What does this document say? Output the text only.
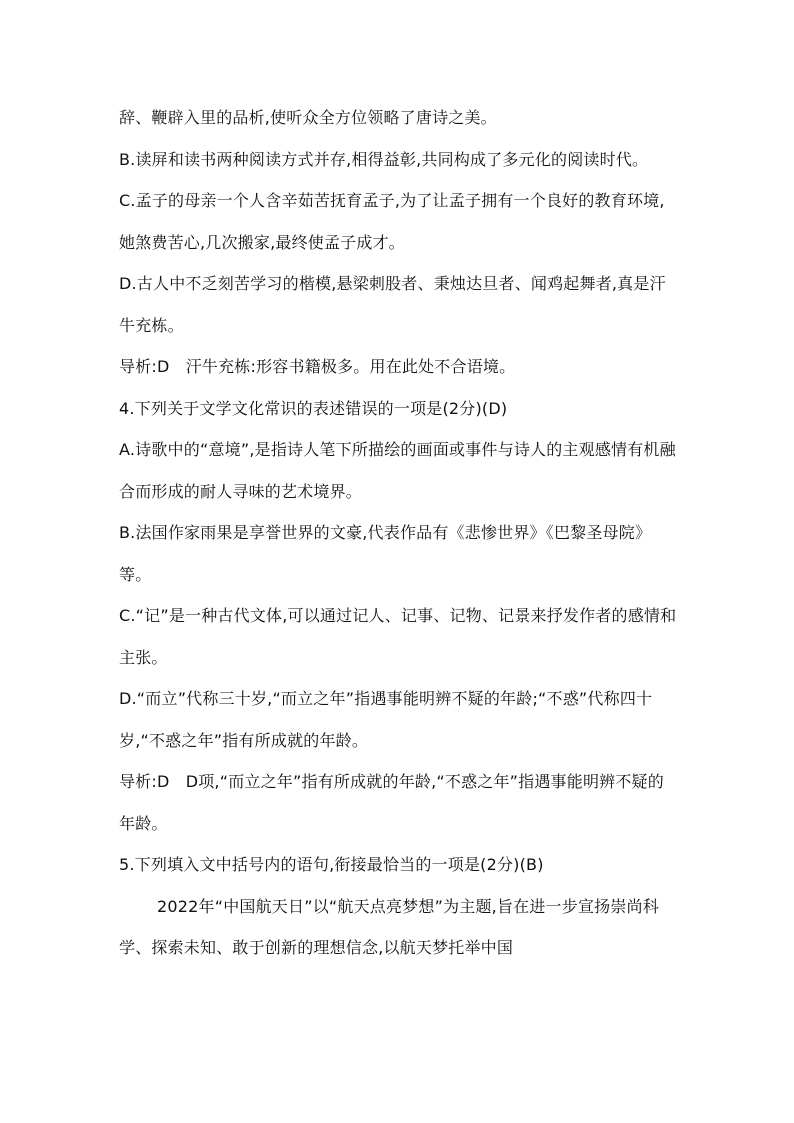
辞、鞭辟入里的品析,使听众全方位领略了唐诗之美。

B.读屏和读书两种阅读方式并存,相得益彰,共同构成了多元化的阅读时代。

C.孟子的母亲一个人含辛茹苦抚育孟子,为了让孟子拥有一个良好的教育环境,她煞费苦心,几次搬家,最终使孟子成才。

D.古人中不乏刻苦学习的楷模,悬梁刺股者、秉烛达旦者、闻鸡起舞者,真是汗牛充栋。

导析:D　汗牛充栋:形容书籍极多。用在此处不合语境。

4.下列关于文学文化常识的表述错误的一项是(2分)(D)

A.诗歌中的“意境”,是指诗人笔下所描绘的画面或事件与诗人的主观感情有机融合而形成的耐人寻味的艺术境界。

B.法国作家雨果是享誉世界的文豪,代表作品有《悲惨世界》《巴黎圣母院》等。

C.“记”是一种古代文体,可以通过记人、记事、记物、记景来抒发作者的感情和主张。

D.“而立”代称三十岁,“而立之年”指遇事能明辨不疑的年龄;“不惑”代称四十岁,“不惑之年”指有所成就的年龄。

导析:D　D项,“而立之年”指有所成就的年龄,“不惑之年”指遇事能明辨不疑的年龄。

5.下列填入文中括号内的语句,衔接最恰当的一项是(2分)(B)

2022年“中国航天日”以“航天点亮梦想”为主题,旨在进一步宣扬崇尚科学、探索未知、敢于创新的理想信念,以航天梦托举中国
